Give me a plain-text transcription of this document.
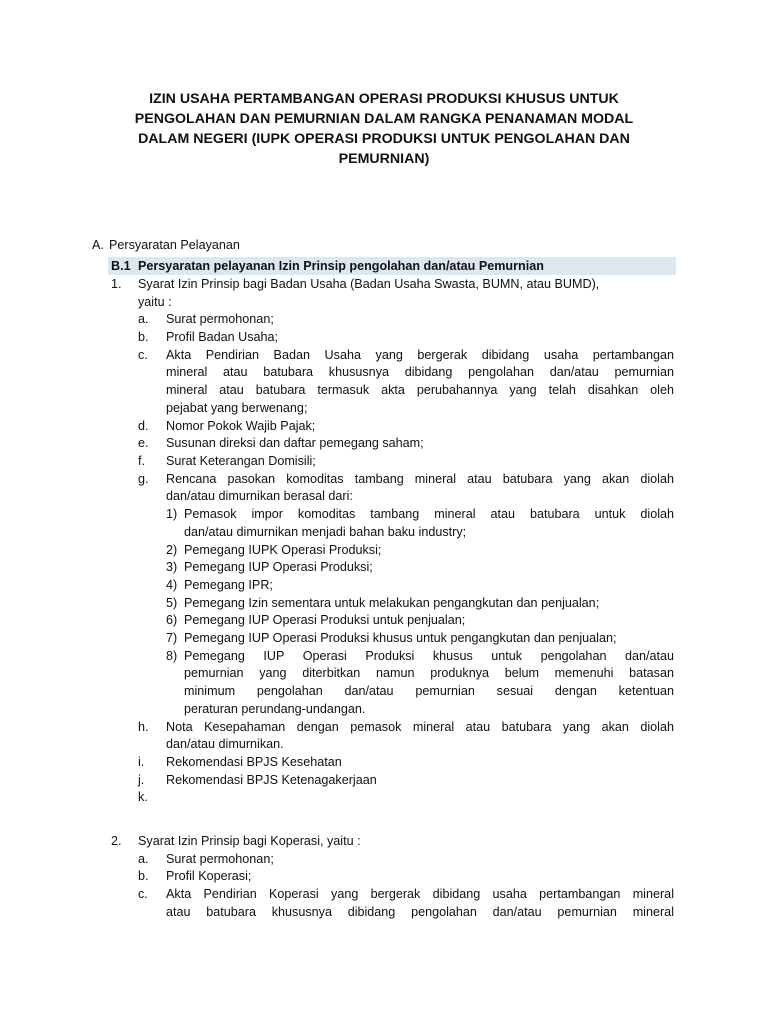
IZIN USAHA PERTAMBANGAN OPERASI PRODUKSI KHUSUS UNTUK
PENGOLAHAN DAN PEMURNIAN DALAM RANGKA PENANAMAN MODAL
DALAM NEGERI (IUPK OPERASI PRODUKSI UNTUK PENGOLAHAN DAN
PEMURNIAN)
A. Persyaratan Pelayanan
B.1 Persyaratan pelayanan Izin Prinsip pengolahan dan/atau Pemurnian
1. Syarat Izin Prinsip bagi Badan Usaha (Badan Usaha Swasta, BUMN, atau BUMD),
yaitu :
a. Surat permohonan;
b. Profil Badan Usaha;
c. Akta Pendirian Badan Usaha yang bergerak dibidang usaha pertambangan
mineral atau batubara khususnya dibidang pengolahan dan/atau pemurnian
mineral atau batubara termasuk akta perubahannya yang telah disahkan oleh
pejabat yang berwenang;
d. Nomor Pokok Wajib Pajak;
e. Susunan direksi dan daftar pemegang saham;
f. Surat Keterangan Domisili;
g. Rencana pasokan komoditas tambang mineral atau batubara yang akan diolah
dan/atau dimurnikan berasal dari:
1) Pemasok impor komoditas tambang mineral atau batubara untuk diolah
dan/atau dimurnikan menjadi bahan baku industry;
2) Pemegang IUPK Operasi Produksi;
3) Pemegang IUP Operasi Produksi;
4) Pemegang IPR;
5) Pemegang Izin sementara untuk melakukan pengangkutan dan penjualan;
6) Pemegang IUP Operasi Produksi untuk penjualan;
7) Pemegang IUP Operasi Produksi khusus untuk pengangkutan dan penjualan;
8) Pemegang IUP Operasi Produksi khusus untuk pengolahan dan/atau
pemurnian yang diterbitkan namun produknya belum memenuhi batasan
minimum pengolahan dan/atau pemurnian sesuai dengan ketentuan
peraturan perundang-undangan.
h. Nota Kesepahaman dengan pemasok mineral atau batubara yang akan diolah
dan/atau dimurnikan.
i. Rekomendasi BPJS Kesehatan
j. Rekomendasi BPJS Ketenagakerjaan
k.
2. Syarat Izin Prinsip bagi Koperasi, yaitu :
a. Surat permohonan;
b. Profil Koperasi;
c. Akta Pendirian Koperasi yang bergerak dibidang usaha pertambangan mineral
atau batubara khususnya dibidang pengolahan dan/atau pemurnian mineral
